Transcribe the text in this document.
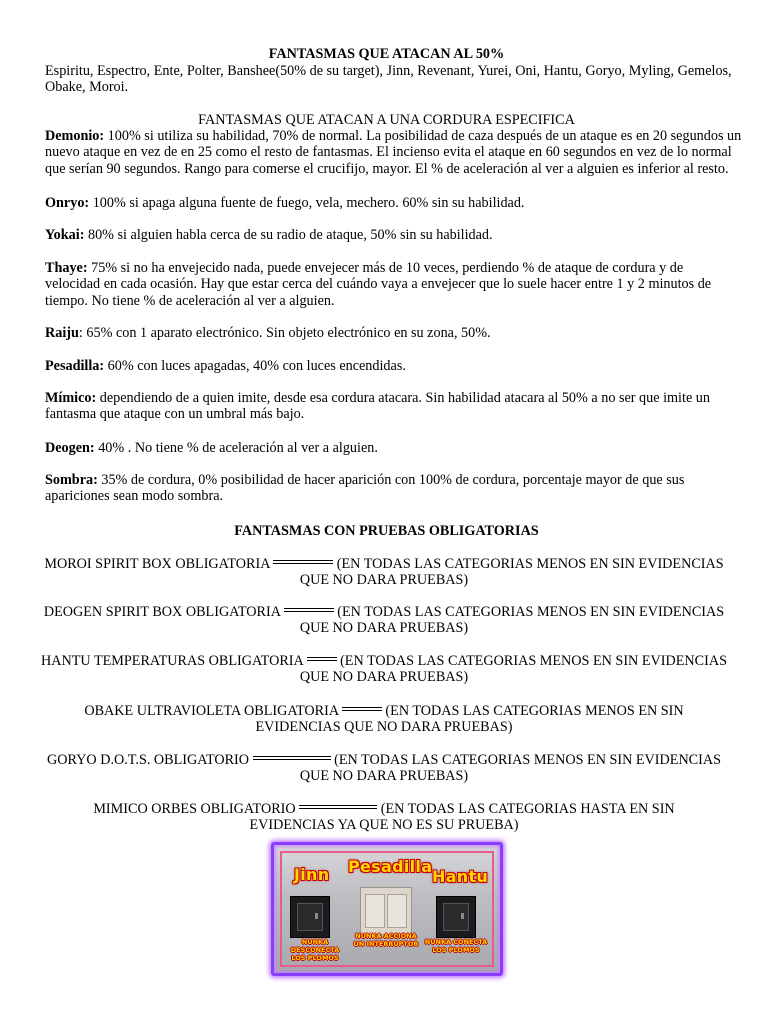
FANTASMAS QUE ATACAN AL 50%
Espiritu, Espectro, Ente, Polter, Banshee(50% de su target), Jinn, Revenant, Yurei, Oni, Hantu, Goryo, Myling, Gemelos,
Obake, Moroi.
FANTASMAS QUE ATACAN A UNA CORDURA ESPECIFICA
Demonio: 100% si utiliza su habilidad, 70% de normal. La posibilidad de caza después de un ataque es en 20 segundos un
nuevo ataque en vez de en 25 como el resto de fantasmas. El incienso evita el ataque en 60 segundos en vez de lo normal
que serían 90 segundos. Rango para comerse el crucifijo, mayor. El % de aceleración al ver a alguien es inferior al resto.
Onryo: 100% si apaga alguna fuente de fuego, vela, mechero. 60% sin su habilidad.
Yokai: 80% si alguien habla cerca de su radio de ataque, 50% sin su habilidad.
Thaye: 75% si no ha envejecido nada, puede envejecer más de 10 veces, perdiendo % de ataque de cordura y de
velocidad en cada ocasión. Hay que estar cerca del cuándo vaya a envejecer que lo suele hacer entre 1 y 2 minutos de
tiempo. No tiene % de aceleración al ver a alguien.
Raiju: 65% con 1 aparato electrónico. Sin objeto electrónico en su zona, 50%.
Pesadilla: 60% con luces apagadas, 40% con luces encendidas.
Mímico: dependiendo de a quien imite, desde esa cordura atacara. Sin habilidad atacara al 50% a no ser que imite un
fantasma que ataque con un umbral más bajo.
Deogen: 40% . No tiene % de aceleración al ver a alguien.
Sombra: 35% de cordura, 0% posibilidad de hacer aparición con 100% de cordura, porcentaje mayor de que sus
apariciones sean modo sombra.
FANTASMAS CON PRUEBAS OBLIGATORIAS
MOROI SPIRIT BOX OBLIGATORIA	(EN TODAS LAS CATEGORIAS MENOS EN SIN EVIDENCIAS
QUE NO DARA PRUEBAS)
DEOGEN SPIRIT BOX OBLIGATORIA	(EN TODAS LAS CATEGORIAS MENOS EN SIN EVIDENCIAS
QUE NO DARA PRUEBAS)
HANTU TEMPERATURAS OBLIGATORIA  (EN TODAS LAS CATEGORIAS MENOS EN SIN EVIDENCIAS
QUE NO DARA PRUEBAS)
OBAKE ULTRAVIOLETA OBLIGATORIA	(EN TODAS LAS CATEGORIAS MENOS EN SIN
EVIDENCIAS QUE NO DARA PRUEBAS)
GORYO D.O.T.S. OBLIGATORIO	(EN TODAS LAS CATEGORIAS MENOS EN SIN EVIDENCIAS
QUE NO DARA PRUEBAS)
MIMICO ORBES OBLIGATORIO	(EN TODAS LAS CATEGORIAS HASTA EN SIN
EVIDENCIAS YA QUE NO ES SU PRUEBA)
Jinn
NUNKA DESCONECTA
LOS PLOMOS
Pesadilla
NUNKA ACCIONA
UN INTERRUPTOR
Hantu
NUNKA CONECTA
LOS PLOMOS
